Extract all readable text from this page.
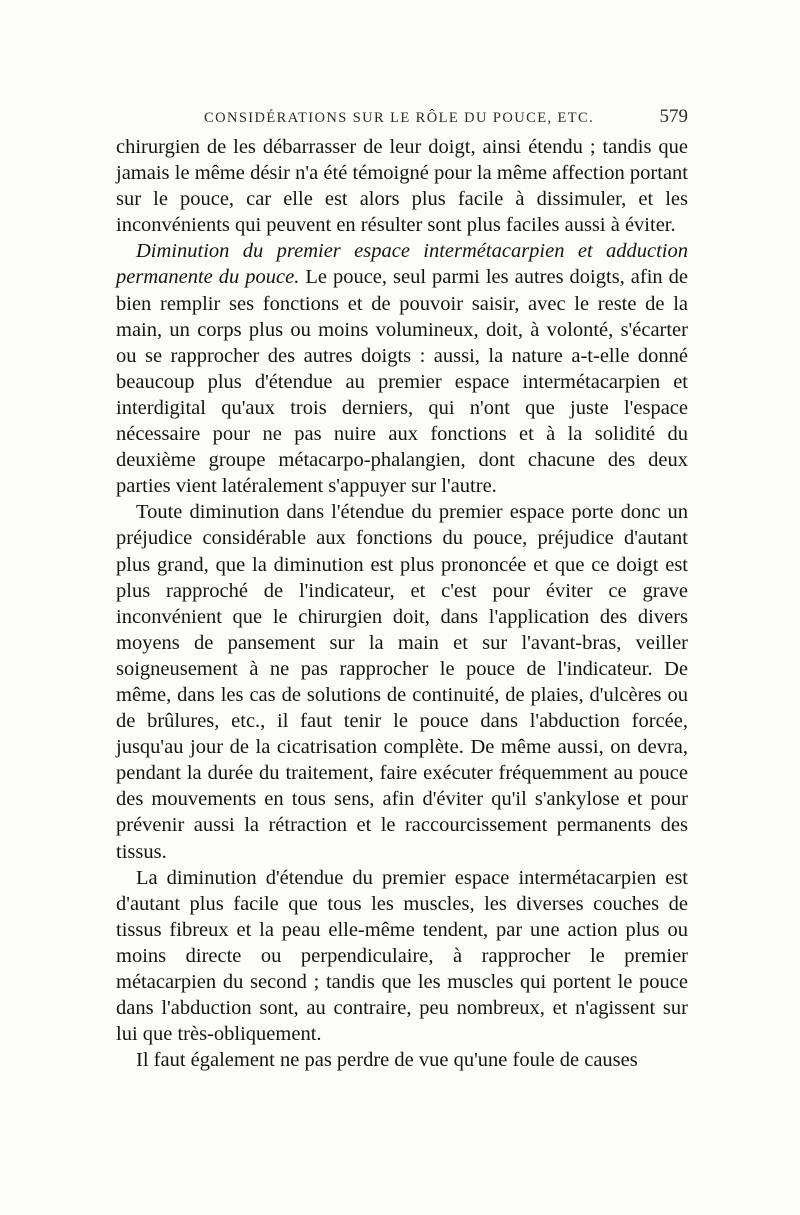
CONSIDÉRATIONS SUR LE RÔLE DU POUCE, ETC.	579

chirurgien de les débarrasser de leur doigt, ainsi étendu ; tandis que jamais le même désir n'a été témoigné pour la même affection portant sur le pouce, car elle est alors plus facile à dissimuler, et les inconvénients qui peuvent en résulter sont plus faciles aussi à éviter.

Diminution du premier espace intermétacarpien et adduction permanente du pouce. Le pouce, seul parmi les autres doigts, afin de bien remplir ses fonctions et de pouvoir saisir, avec le reste de la main, un corps plus ou moins volumineux, doit, à volonté, s'écarter ou se rapprocher des autres doigts : aussi, la nature a-t-elle donné beaucoup plus d'étendue au premier espace intermétacarpien et interdigital qu'aux trois derniers, qui n'ont que juste l'espace nécessaire pour ne pas nuire aux fonctions et à la solidité du deuxième groupe métacarpo-phalangien, dont chacune des deux parties vient latéralement s'appuyer sur l'autre.

Toute diminution dans l'étendue du premier espace porte donc un préjudice considérable aux fonctions du pouce, préjudice d'autant plus grand, que la diminution est plus prononcée et que ce doigt est plus rapproché de l'indicateur, et c'est pour éviter ce grave inconvénient que le chirurgien doit, dans l'application des divers moyens de pansement sur la main et sur l'avant-bras, veiller soigneusement à ne pas rapprocher le pouce de l'indicateur. De même, dans les cas de solutions de continuité, de plaies, d'ulcères ou de brûlures, etc., il faut tenir le pouce dans l'abduction forcée, jusqu'au jour de la cicatrisation complète. De même aussi, on devra, pendant la durée du traitement, faire exécuter fréquemment au pouce des mouvements en tous sens, afin d'éviter qu'il s'ankylose et pour prévenir aussi la rétraction et le raccourcissement permanents des tissus.

La diminution d'étendue du premier espace intermétacarpien est d'autant plus facile que tous les muscles, les diverses couches de tissus fibreux et la peau elle-même tendent, par une action plus ou moins directe ou perpendiculaire, à rapprocher le premier métacarpien du second ; tandis que les muscles qui portent le pouce dans l'abduction sont, au contraire, peu nombreux, et n'agissent sur lui que très-obliquement.

Il faut également ne pas perdre de vue qu'une foule de causes
